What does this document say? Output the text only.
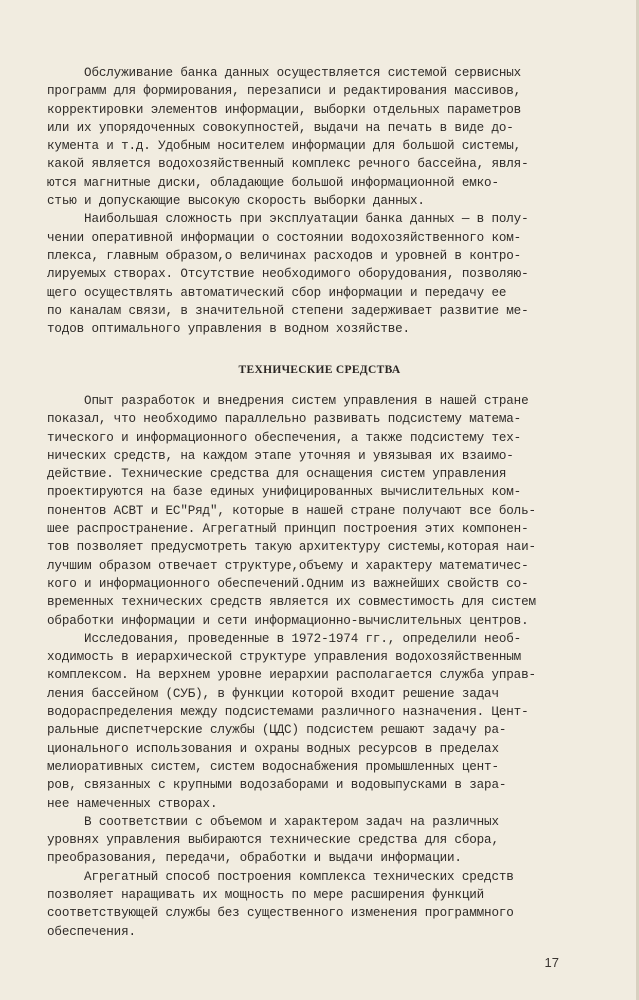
Обслуживание банка данных осуществляется системой сервисных
программ для формирования, перезаписи и редактирования массивов,
корректировки элементов информации, выборки отдельных параметров
или их упорядоченных совокупностей, выдачи на печать в виде до-
кумента и т.д. Удобным носителем информации для большой системы,
какой является водохозяйственный комплекс речного бассейна, явля-
ются магнитные диски, обладающие большой информационной емко-
стью и допускающие высокую скорость выборки данных.
Наибольшая сложность при эксплуатации банка данных — в полу-
чении оперативной информации о состоянии водохозяйственного ком-
плекса, главным образом,о величинах расходов и уровней в контро-
лируемых створах. Отсутствие необходимого оборудования, позволяю-
щего осуществлять автоматический сбор информации и передачу ее
по каналам связи, в значительной степени задерживает развитие ме-
тодов оптимального управления в водном хозяйстве.
ТЕХНИЧЕСКИЕ СРЕДСТВА
Опыт разработок и внедрения систем управления в нашей стране
показал, что необходимо параллельно развивать подсистему матема-
тического и информационного обеспечения, а также подсистему тех-
нических средств, на каждом этапе уточняя и увязывая их взаимо-
действие. Технические средства для оснащения систем управления
проектируются на базе единых унифицированных вычислительных ком-
понентов АСВТ и ЕС"Ряд", которые в нашей стране получают все боль-
шее распространение. Агрегатный принцип построения этих компонен-
тов позволяет предусмотреть такую архитектуру системы,которая наи-
лучшим образом отвечает структуре,объему и характеру математичес-
кого и информационного обеспечений.Одним из важнейших свойств со-
временных технических средств является их совместимость для систем
обработки информации и сети информационно-вычислительных центров.
Исследования, проведенные в 1972-1974 гг., определили необ-
ходимость в иерархической структуре управления водохозяйственным
комплексом. На верхнем уровне иерархии располагается служба управ-
ления бассейном (СУБ), в функции которой входит решение задач
водораспределения между подсистемами различного назначения. Цент-
ральные диспетчерские службы (ЦДС) подсистем решают задачу ра-
ционального использования и охраны водных ресурсов в пределах
мелиоративных систем, систем водоснабжения промышленных цент-
ров, связанных с крупными водозаборами и водовыпусками в зара-
нее намеченных створах.
В соответствии с объемом и характером задач на различных
уровнях управления выбираются технические средства для сбора,
преобразования, передачи, обработки и выдачи информации.
Агрегатный способ построения комплекса технических средств
позволяет наращивать их мощность по мере расширения функций
соответствующей службы без существенного изменения программного
обеспечения.
17
